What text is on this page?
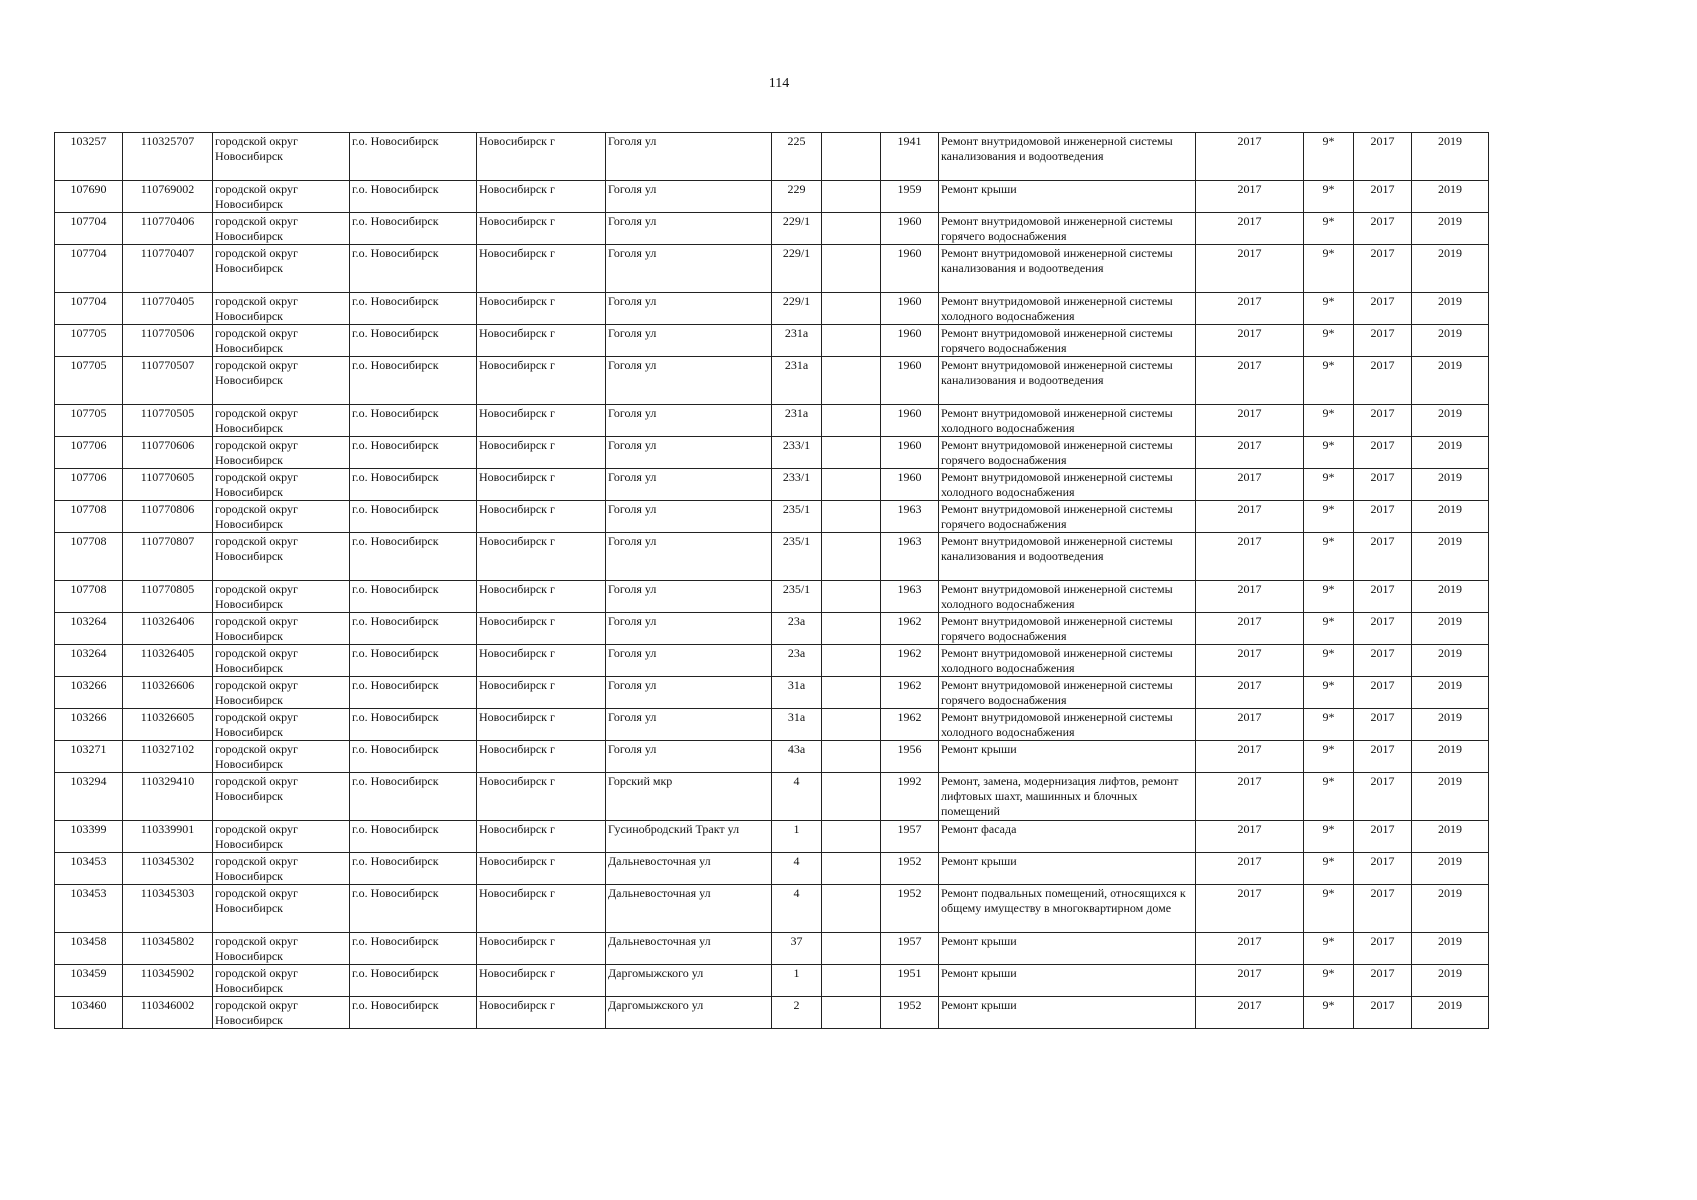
114
103257	110325707	городской округ Новосибирск	г.о. Новосибирск	Новосибирск г	Гоголя ул	225		1941	Ремонт внутридомовой инженерной системы канализования и водоотведения	2017	9*	2017	2019
107690	110769002	городской округ Новосибирск	г.о. Новосибирск	Новосибирск г	Гоголя ул	229		1959	Ремонт крыши	2017	9*	2017	2019
107704	110770406	городской округ Новосибирск	г.о. Новосибирск	Новосибирск г	Гоголя ул	229/1		1960	Ремонт внутридомовой инженерной системы горячего водоснабжения	2017	9*	2017	2019
107704	110770407	городской округ Новосибирск	г.о. Новосибирск	Новосибирск г	Гоголя ул	229/1		1960	Ремонт внутридомовой инженерной системы канализования и водоотведения	2017	9*	2017	2019
107704	110770405	городской округ Новосибирск	г.о. Новосибирск	Новосибирск г	Гоголя ул	229/1		1960	Ремонт внутридомовой инженерной системы холодного водоснабжения	2017	9*	2017	2019
107705	110770506	городской округ Новосибирск	г.о. Новосибирск	Новосибирск г	Гоголя ул	231а		1960	Ремонт внутридомовой инженерной системы горячего водоснабжения	2017	9*	2017	2019
107705	110770507	городской округ Новосибирск	г.о. Новосибирск	Новосибирск г	Гоголя ул	231а		1960	Ремонт внутридомовой инженерной системы канализования и водоотведения	2017	9*	2017	2019
107705	110770505	городской округ Новосибирск	г.о. Новосибирск	Новосибирск г	Гоголя ул	231а		1960	Ремонт внутридомовой инженерной системы холодного водоснабжения	2017	9*	2017	2019
107706	110770606	городской округ Новосибирск	г.о. Новосибирск	Новосибирск г	Гоголя ул	233/1		1960	Ремонт внутридомовой инженерной системы горячего водоснабжения	2017	9*	2017	2019
107706	110770605	городской округ Новосибирск	г.о. Новосибирск	Новосибирск г	Гоголя ул	233/1		1960	Ремонт внутридомовой инженерной системы холодного водоснабжения	2017	9*	2017	2019
107708	110770806	городской округ Новосибирск	г.о. Новосибирск	Новосибирск г	Гоголя ул	235/1		1963	Ремонт внутридомовой инженерной системы горячего водоснабжения	2017	9*	2017	2019
107708	110770807	городской округ Новосибирск	г.о. Новосибирск	Новосибирск г	Гоголя ул	235/1		1963	Ремонт внутридомовой инженерной системы канализования и водоотведения	2017	9*	2017	2019
107708	110770805	городской округ Новосибирск	г.о. Новосибирск	Новосибирск г	Гоголя ул	235/1		1963	Ремонт внутридомовой инженерной системы холодного водоснабжения	2017	9*	2017	2019
103264	110326406	городской округ Новосибирск	г.о. Новосибирск	Новосибирск г	Гоголя ул	23а		1962	Ремонт внутридомовой инженерной системы горячего водоснабжения	2017	9*	2017	2019
103264	110326405	городской округ Новосибирск	г.о. Новосибирск	Новосибирск г	Гоголя ул	23а		1962	Ремонт внутридомовой инженерной системы холодного водоснабжения	2017	9*	2017	2019
103266	110326606	городской округ Новосибирск	г.о. Новосибирск	Новосибирск г	Гоголя ул	31а		1962	Ремонт внутридомовой инженерной системы горячего водоснабжения	2017	9*	2017	2019
103266	110326605	городской округ Новосибирск	г.о. Новосибирск	Новосибирск г	Гоголя ул	31а		1962	Ремонт внутридомовой инженерной системы холодного водоснабжения	2017	9*	2017	2019
103271	110327102	городской округ Новосибирск	г.о. Новосибирск	Новосибирск г	Гоголя ул	43а		1956	Ремонт крыши	2017	9*	2017	2019
103294	110329410	городской округ Новосибирск	г.о. Новосибирск	Новосибирск г	Горский мкр	4		1992	Ремонт, замена, модернизация лифтов, ремонт лифтовых шахт, машинных и блочных помещений	2017	9*	2017	2019
103399	110339901	городской округ Новосибирск	г.о. Новосибирск	Новосибирск г	Гусинобродский Тракт ул	1		1957	Ремонт фасада	2017	9*	2017	2019
103453	110345302	городской округ Новосибирск	г.о. Новосибирск	Новосибирск г	Дальневосточная ул	4		1952	Ремонт крыши	2017	9*	2017	2019
103453	110345303	городской округ Новосибирск	г.о. Новосибирск	Новосибирск г	Дальневосточная ул	4		1952	Ремонт подвальных помещений, относящихся к общему имуществу в многоквартирном доме	2017	9*	2017	2019
103458	110345802	городской округ Новосибирск	г.о. Новосибирск	Новосибирск г	Дальневосточная ул	37		1957	Ремонт крыши	2017	9*	2017	2019
103459	110345902	городской округ Новосибирск	г.о. Новосибирск	Новосибирск г	Даргомыжского ул	1		1951	Ремонт крыши	2017	9*	2017	2019
103460	110346002	городской округ Новосибирск	г.о. Новосибирск	Новосибирск г	Даргомыжского ул	2		1952	Ремонт крыши	2017	9*	2017	2019
